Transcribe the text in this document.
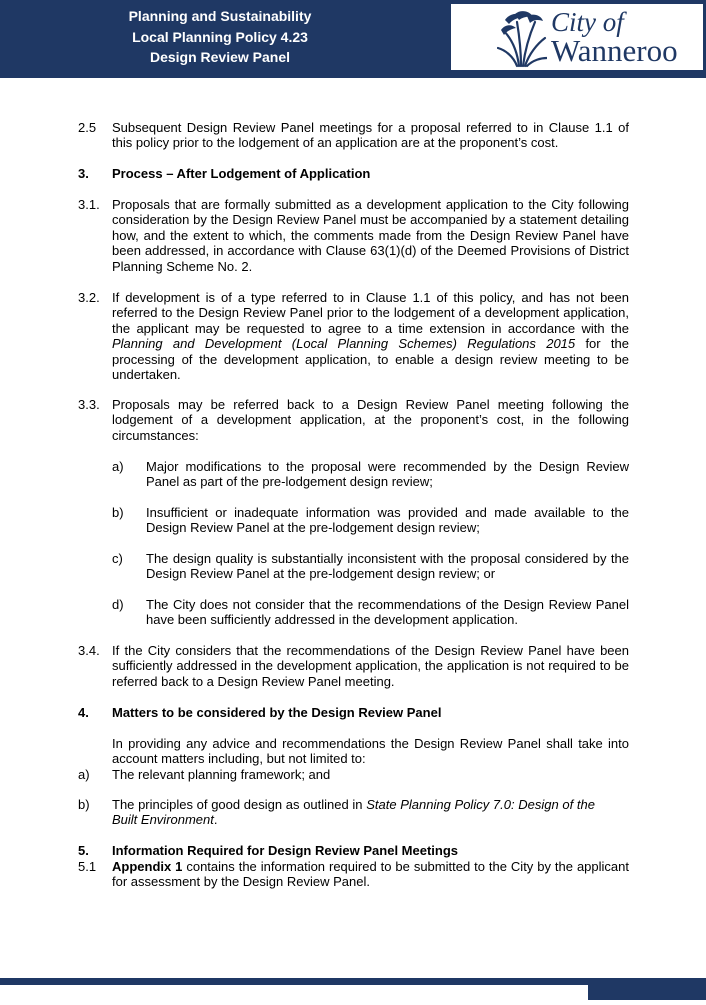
Planning and Sustainability
Local Planning Policy 4.23
Design Review Panel
City of
Wanneroo
2.5 Subsequent Design Review Panel meetings for a proposal referred to in Clause 1.1 of this policy prior to the lodgement of an application are at the proponent’s cost.
3. Process – After Lodgement of Application
3.1. Proposals that are formally submitted as a development application to the City following consideration by the Design Review Panel must be accompanied by a statement detailing how, and the extent to which, the comments made from the Design Review Panel have been addressed, in accordance with Clause 63(1)(d) of the Deemed Provisions of District Planning Scheme No. 2.
3.2. If development is of a type referred to in Clause 1.1 of this policy, and has not been referred to the Design Review Panel prior to the lodgement of a development application, the applicant may be requested to agree to a time extension in accordance with the Planning and Development (Local Planning Schemes) Regulations 2015 for the processing of the development application, to enable a design review meeting to be undertaken.
3.3. Proposals may be referred back to a Design Review Panel meeting following the lodgement of a development application, at the proponent’s cost, in the following circumstances:
a) Major modifications to the proposal were recommended by the Design Review Panel as part of the pre-lodgement design review;
b) Insufficient or inadequate information was provided and made available to the Design Review Panel at the pre-lodgement design review;
c) The design quality is substantially inconsistent with the proposal considered by the Design Review Panel at the pre-lodgement design review; or
d) The City does not consider that the recommendations of the Design Review Panel have been sufficiently addressed in the development application.
3.4. If the City considers that the recommendations of the Design Review Panel have been sufficiently addressed in the development application, the application is not required to be referred back to a Design Review Panel meeting.
4. Matters to be considered by the Design Review Panel
In providing any advice and recommendations the Design Review Panel shall take into account matters including, but not limited to:
a) The relevant planning framework; and
b) The principles of good design as outlined in State Planning Policy 7.0: Design of the Built Environment.
5. Information Required for Design Review Panel Meetings
5.1 Appendix 1 contains the information required to be submitted to the City by the applicant for assessment by the Design Review Panel.
